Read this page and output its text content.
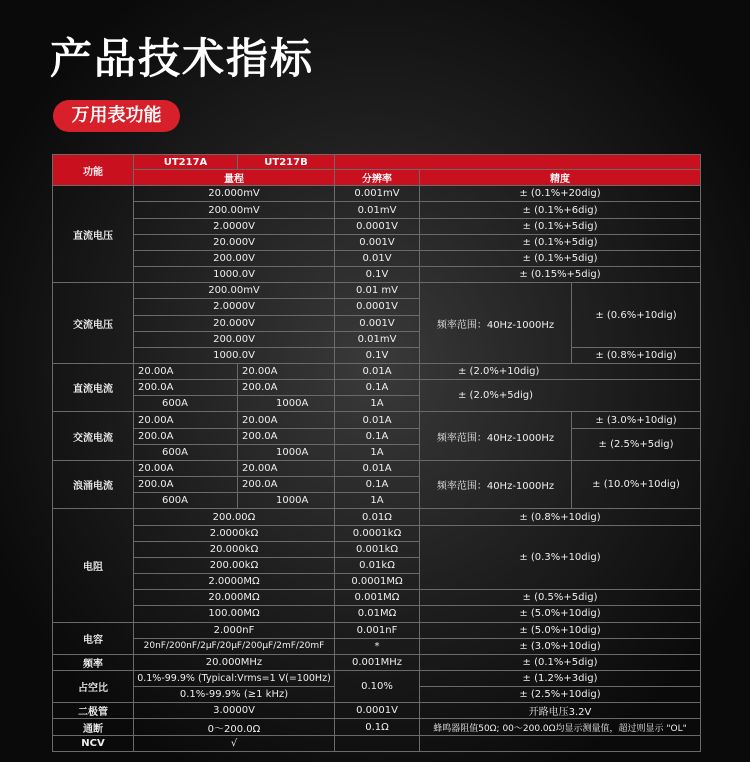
产品技术指标
万用表功能
功能	UT217A	UT217B			
	量程		分辨率	精度	
直流电压	20.000mV		0.001mV	± (0.1%+20dig)	
	200.00mV		0.01mV	± (0.1%+6dig)	
	2.0000V		0.0001V	± (0.1%+5dig)	
	20.000V		0.001V	± (0.1%+5dig)	
	200.00V		0.01V	± (0.1%+5dig)	
	1000.0V		0.1V	± (0.15%+5dig)	
交流电压	200.00mV		0.01 mV	频率范围：40Hz-1000Hz	± (0.6%+10dig)
	2.0000V		0.0001V		
	20.000V		0.001V		
	200.00V		0.01mV		
	1000.0V		0.1V		± (0.8%+10dig)
直流电流	20.00A	20.00A	0.01A	± (2.0%+10dig)	
	200.0A	200.0A	0.1A	± (2.0%+5dig)	
	600A	1000A	1A		
交流电流	20.00A	20.00A	0.01A	频率范围：40Hz-1000Hz	± (3.0%+10dig)
	200.0A	200.0A	0.1A		± (2.5%+5dig)
	600A	1000A	1A		
浪涌电流	20.00A	20.00A	0.01A	频率范围：40Hz-1000Hz	± (10.0%+10dig)
	200.0A	200.0A	0.1A		
	600A	1000A	1A		
电阻	200.00Ω		0.01Ω	± (0.8%+10dig)	
	2.0000kΩ		0.0001kΩ	± (0.3%+10dig)	
	20.000kΩ		0.001kΩ		
	200.00kΩ		0.01kΩ		
	2.0000MΩ		0.0001MΩ		
	20.000MΩ		0.001MΩ	± (0.5%+5dig)	
	100.00MΩ		0.01MΩ	± (5.0%+10dig)	
电容	2.000nF		0.001nF	± (5.0%+10dig)	
	20nF/200nF/2μF/20μF/200μF/2mF/20mF		*	± (3.0%+10dig)	
频率	20.000MHz		0.001MHz	± (0.1%+5dig)	
占空比	0.1%-99.9% (Typical:Vrms=1 V(=100Hz)		0.10%	± (1.2%+3dig)	
	0.1%-99.9% (≥1 kHz)			± (2.5%+10dig)	
二极管	3.0000V		0.0001V	开路电压3.2V	
通断	0～200.0Ω		0.1Ω	蜂鸣器阻值50Ω; 00～200.0Ω均显示测量值，超过则显示 "OL"	
NCV	√				
